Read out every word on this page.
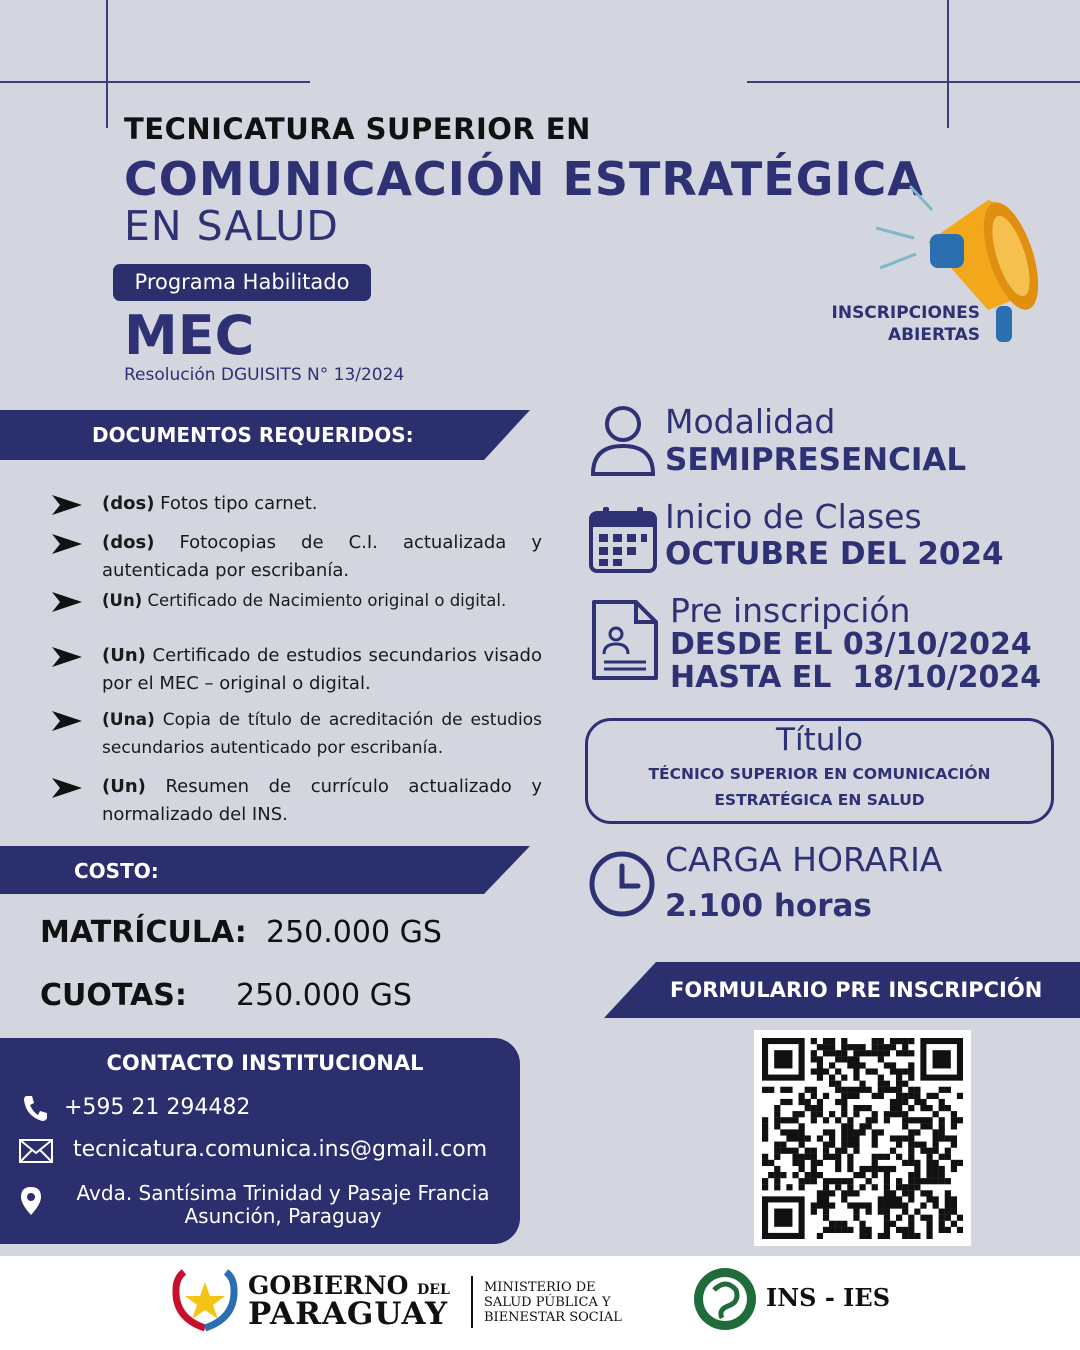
TECNICATURA SUPERIOR EN
COMUNICACIÓN ESTRATÉGICA
EN SALUD
Programa Habilitado
MEC
Resolución DGUISITS N° 13/2024
INSCRIPCIONES
ABIERTAS
DOCUMENTOS REQUERIDOS:
(dos) Fotos tipo carnet.
(dos) Fotocopias de C.I. actualizada y autenticada por escribanía.
(Un) Certificado de Nacimiento original o digital.
(Un) Certificado de estudios secundarios visado por el MEC – original o digital.
(Una) Copia de título de acreditación de estudios secundarios autenticado por escribanía.
(Un) Resumen de currículo actualizado y normalizado del INS.
COSTO:
MATRÍCULA: 250.000 GS
CUOTAS: 250.000 GS
CONTACTO INSTITUCIONAL
+595 21 294482
tecnicatura.comunica.ins@gmail.com
Avda. Santísima Trinidad y Pasaje Francia
Asunción, Paraguay
Modalidad
SEMIPRESENCIAL
Inicio de Clases
OCTUBRE DEL 2024
Pre inscripción
DESDE EL 03/10/2024
HASTA EL  18/10/2024
Título
TÉCNICO SUPERIOR EN COMUNICACIÓN
ESTRATÉGICA EN SALUD
CARGA HORARIA
2.100 horas
FORMULARIO PRE INSCRIPCIÓN
GOBIERNO DEL
PARAGUAY
MINISTERIO DE
SALUD PÚBLICA Y
BIENESTAR SOCIAL
INS - IES
